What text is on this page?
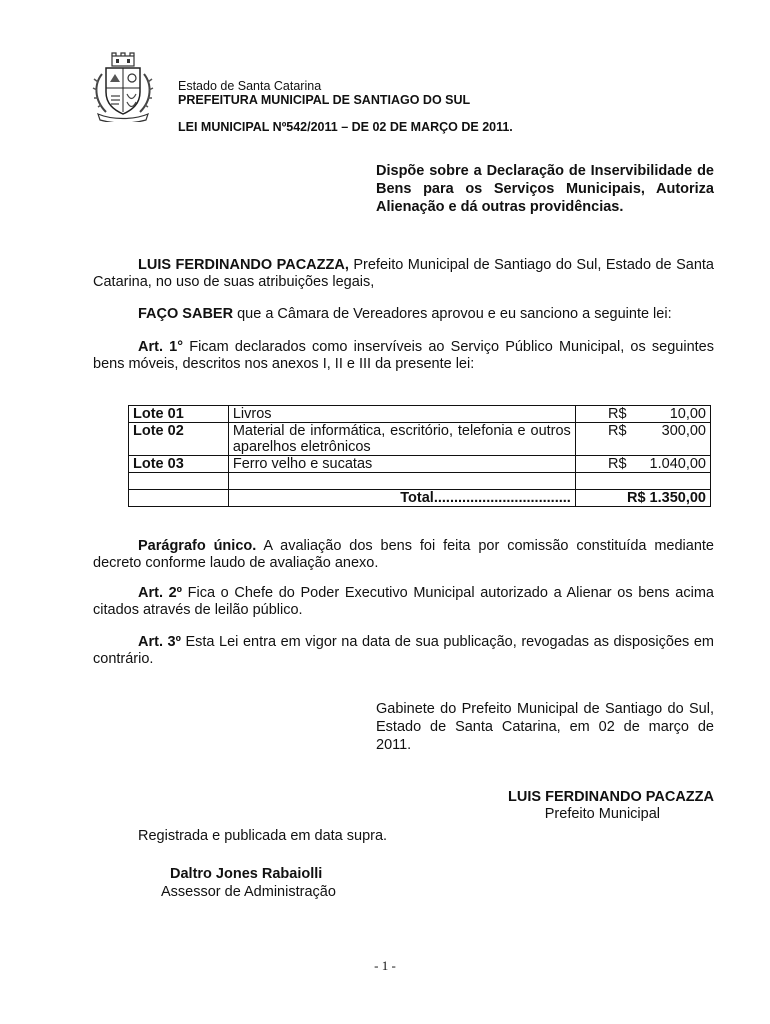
Estado de Santa Catarina
PREFEITURA MUNICIPAL DE SANTIAGO DO SUL
LEI MUNICIPAL Nº542/2011 – DE 02 DE MARÇO DE 2011.
Dispõe sobre a Declaração de Inservibilidade de Bens para os Serviços Municipais, Autoriza Alienação e dá outras providências.
LUIS FERDINANDO PACAZZA, Prefeito Municipal de Santiago do Sul, Estado de Santa Catarina, no uso de suas atribuições legais,
FAÇO SABER que a Câmara de Vereadores aprovou e eu sanciono a seguinte lei:
Art. 1° Ficam declarados como inservíveis ao Serviço Público Municipal, os seguintes bens móveis, descritos nos anexos I, II e III da presente lei:
Lote 01	Livros	R$ 10,00
Lote 02	Material de informática, escritório, telefonia e outros aparelhos eletrônicos	R$ 300,00
Lote 03	Ferro velho e sucatas	R$ 1.040,00

	Total..................................	R$ 1.350,00
Parágrafo único. A avaliação dos bens foi feita por comissão constituída mediante decreto conforme laudo de avaliação anexo.
Art. 2º Fica o Chefe do Poder Executivo Municipal autorizado a Alienar os bens acima citados através de leilão público.
Art. 3º Esta Lei entra em vigor na data de sua publicação, revogadas as disposições em contrário.
Gabinete do Prefeito Municipal de Santiago do Sul, Estado de Santa Catarina, em 02 de março de 2011.
LUIS FERDINANDO PACAZZA
Prefeito Municipal
Registrada e publicada em data supra.
Daltro Jones Rabaiolli
Assessor de Administração
- 1 -
